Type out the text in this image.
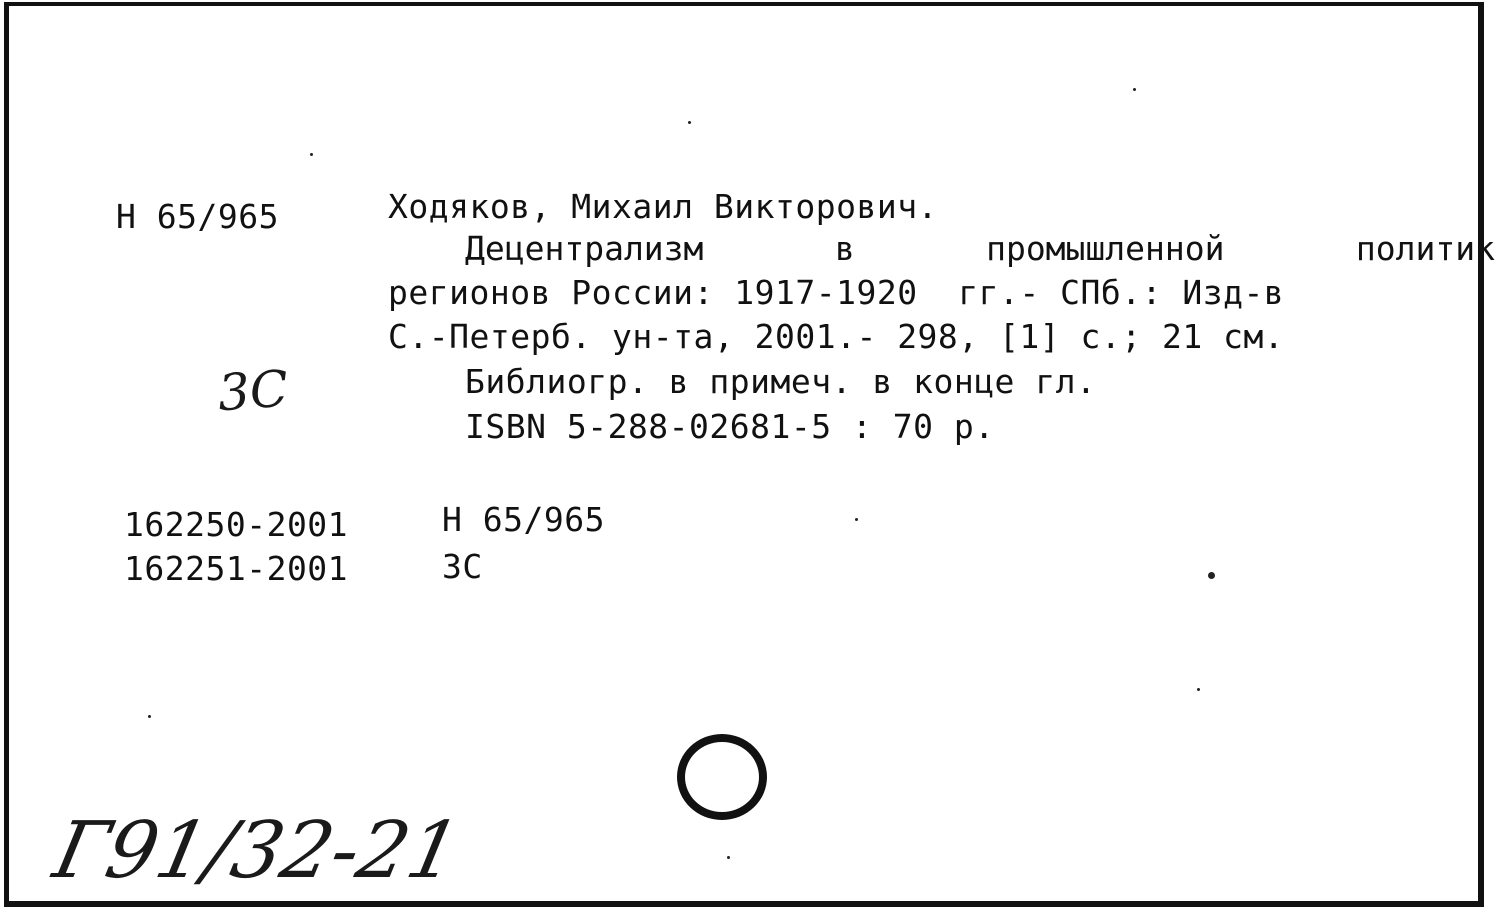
Н 65/965	Ходяков, Михаил Викторович.
Децентрализм	в	промышленной	политик
регионов России: 1917-1920  гг.- СПб.: Изд-в
С.-Петерб. ун-та, 2001.- 298, [1] с.; 21 см.
Библиогр. в примеч. в конце гл.
ISBN 5-288-02681-5 : 70 р.
3С
162250-2001	Н 65/965
162251-2001	3С
Г91/32-21
